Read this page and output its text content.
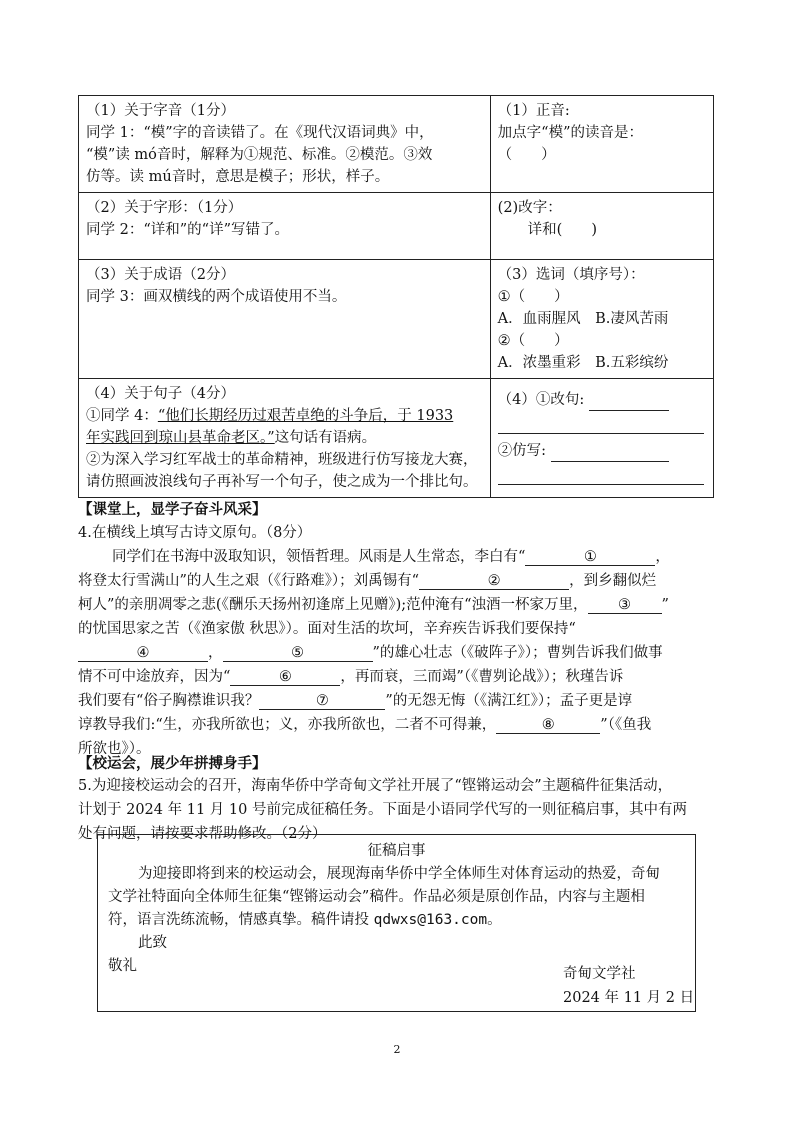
（1）关于字音（1分）
同学 1：“模”字的音读错了。在《现代汉语词典》中，
“模”读 mó音时，解释为①规范、标准。②模范。③效
仿等。读 mú音时，意思是模子；形状，样子。	（1）正音:
加点字“模”的读音是：
（　　）

（2）关于字形：（1分）
同学 2：“详和”的“详”写错了。	(2)改字：
详和(　　)

（3）关于成语（2分）
同学 3：画双横线的两个成语使用不当。	（3）选词（填序号）：
①（　　）
A．血雨腥风　B.凄风苦雨
②（　　）
A．浓墨重彩　B.五彩缤纷

（4）关于句子（4分）
①同学 4：“他们长期经历过艰苦卓绝的斗争后，于 1933
年实践回到琼山县革命老区。”这句话有语病。
②为深入学习红军战士的革命精神，班级进行仿写接龙大赛，请仿照画波浪线句子再补写一个句子，使之成为一个排比句。	（4）①改句:
②仿写:
【课堂上，显学子奋斗风采】
4.在横线上填写古诗文原句。（8分）
同学们在书海中汲取知识，领悟哲理。风雨是人生常态，李白有“	①	，
将登太行雪满山”的人生之艰（《行路难》）；刘禹锡有“	②	，到乡翻似烂
柯人”的亲朋凋零之悲(《酬乐天扬州初逢席上见赠》);范仲淹有“浊酒一杯家万里， ③ ”
的忧国思家之苦（《渔家傲 秋思》）。面对生活的坎坷，辛弃疾告诉我们要保持“
④	，	⑤	”的雄心壮志（《破阵子》）；曹刿告诉我们做事
情不可中途放弃，因为“	⑥	，再而衰，三而竭”（《曹刿论战》）；秋瑾告诉
我们要有“俗子胸襟谁识我？	⑦	”的无怨无悔（《满江红》）；孟子更是谆
谆教导我们:“生，亦我所欲也；义，亦我所欲也，二者不可得兼，	⑧	”（《鱼我
所欲也》）。
【校运会，展少年拼搏身手】
5.为迎接校运动会的召开，海南华侨中学奇甸文学社开展了“铿锵运动会”主题稿件征集活动，
计划于 2024 年 11 月 10 号前完成征稿任务。下面是小语同学代写的一则征稿启事，其中有两
处有问题，请按要求帮助修改。（2分）
征稿启事
为迎接即将到来的校运动会，展现海南华侨中学全体师生对体育运动的热爱，奇甸
文学社特面向全体师生征集“铿锵运动会”稿件。作品必须是原创作品，内容与主题相
符，语言洗练流畅，情感真挚。稿件请投 qdwxs@163.com。
此致
敬礼	奇甸文学社
2024 年 11 月 2 日
2
